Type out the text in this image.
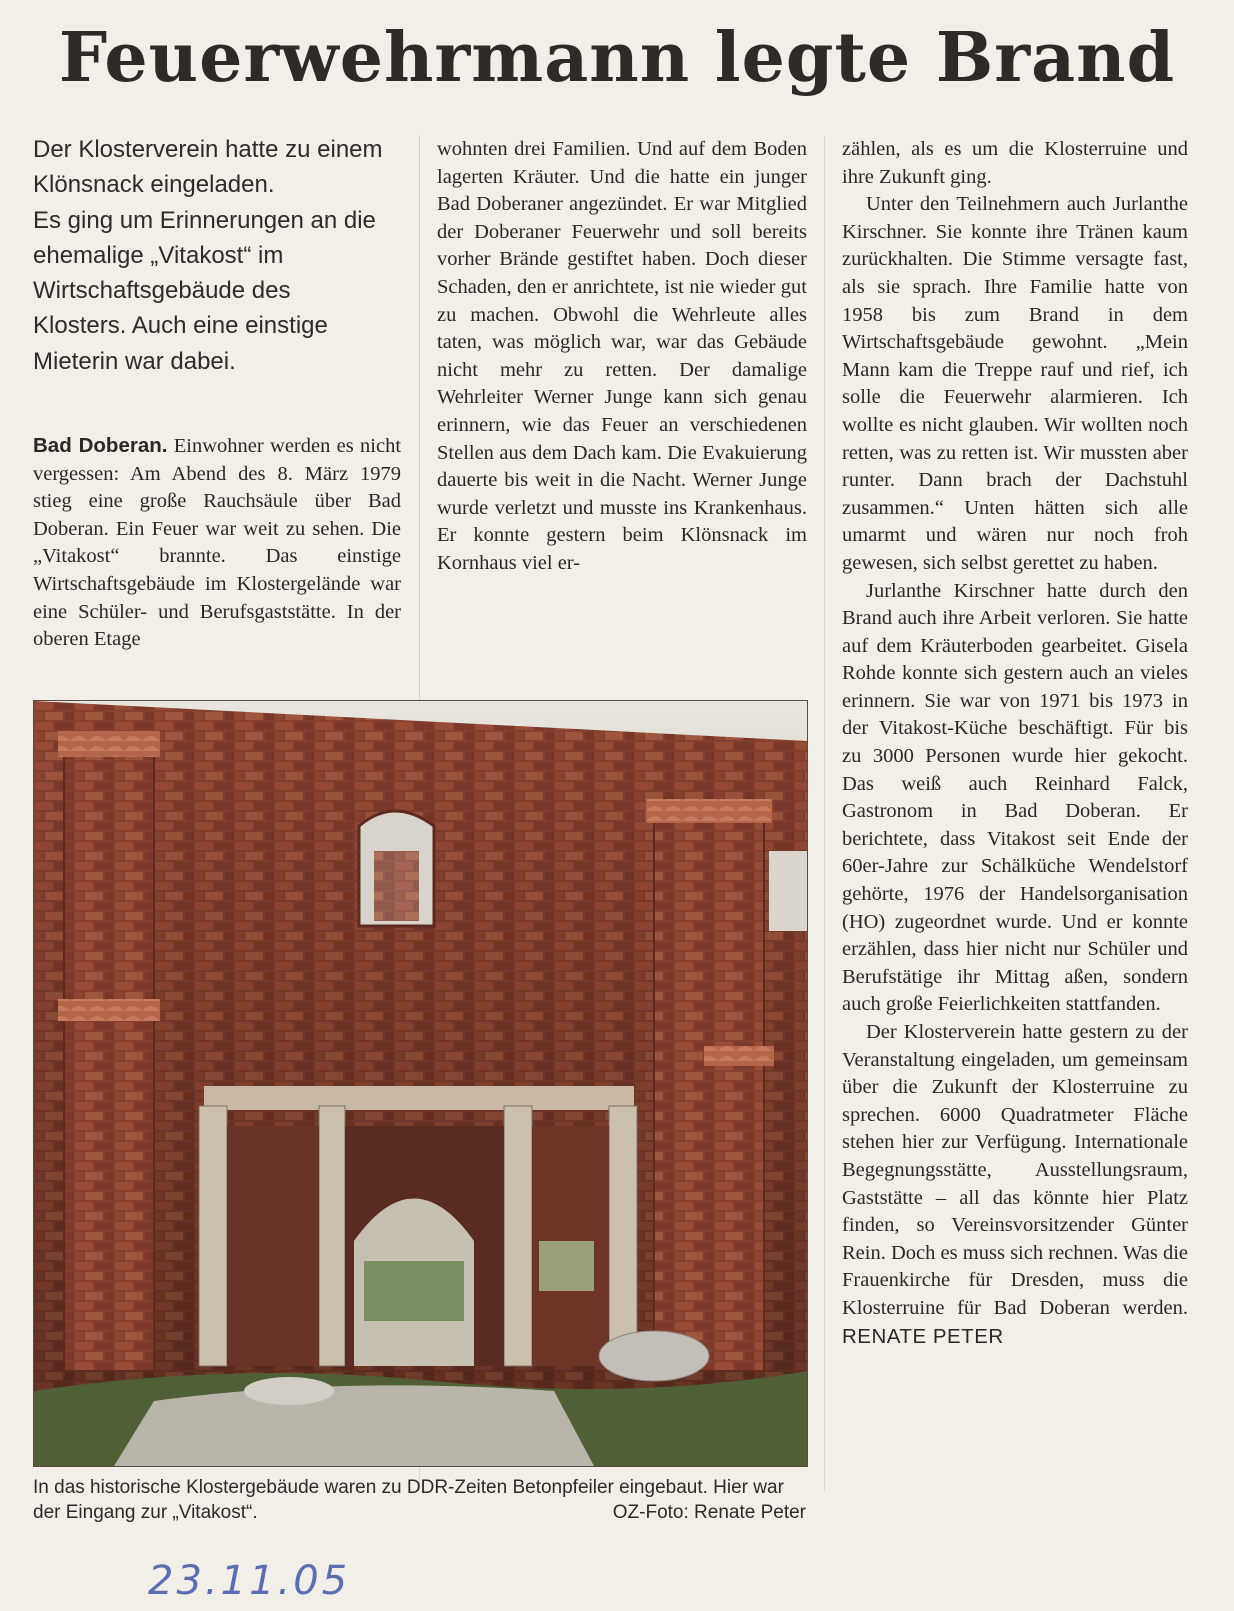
Feuerwehrmann legte Brand

Der Klosterverein hatte zu einem Klönsnack eingeladen.

Es ging um Erinnerungen an die ehemalige „Vitakost“ im Wirtschaftsgebäude des Klosters. Auch eine einstige Mieterin war dabei.

Bad Doberan. Einwohner werden es nicht vergessen: Am Abend des 8. März 1979 stieg eine große Rauchsäule über Bad Doberan. Ein Feuer war weit zu sehen. Die „Vitakost“ brannte. Das einstige Wirtschaftsgebäude im Klostergelände war eine Schüler- und Berufsgaststätte. In der oberen Etage

wohnten drei Familien. Und auf dem Boden lagerten Kräuter. Und die hatte ein junger Bad Doberaner angezündet. Er war Mitglied der Doberaner Feuerwehr und soll bereits vorher Brände gestiftet haben. Doch dieser Schaden, den er anrichtete, ist nie wieder gut zu machen. Obwohl die Wehrleute alles taten, was möglich war, war das Gebäude nicht mehr zu retten. Der damalige Wehrleiter Werner Junge kann sich genau erinnern, wie das Feuer an verschiedenen Stellen aus dem Dach kam. Die Evakuierung dauerte bis weit in die Nacht. Werner Junge wurde verletzt und musste ins Krankenhaus. Er konnte gestern beim Klönsnack im Kornhaus viel er-

zählen, als es um die Klosterruine und ihre Zukunft ging.

Unter den Teilnehmern auch Jurlanthe Kirschner. Sie konnte ihre Tränen kaum zurückhalten. Die Stimme versagte fast, als sie sprach. Ihre Familie hatte von 1958 bis zum Brand in dem Wirtschaftsgebäude gewohnt. „Mein Mann kam die Treppe rauf und rief, ich solle die Feuerwehr alarmieren. Ich wollte es nicht glauben. Wir wollten noch retten, was zu retten ist. Wir mussten aber runter. Dann brach der Dachstuhl zusammen.“ Unten hätten sich alle umarmt und wären nur noch froh gewesen, sich selbst gerettet zu haben.

Jurlanthe Kirschner hatte durch den Brand auch ihre Arbeit verloren. Sie hatte auf dem Kräuterboden gearbeitet. Gisela Rohde konnte sich gestern auch an vieles erinnern. Sie war von 1971 bis 1973 in der Vitakost-Küche beschäftigt. Für bis zu 3000 Personen wurde hier gekocht. Das weiß auch Reinhard Falck, Gastronom in Bad Doberan. Er berichtete, dass Vitakost seit Ende der 60er-Jahre zur Schälküche Wendelstorf gehörte, 1976 der Handelsorganisation (HO) zugeordnet wurde. Und er konnte erzählen, dass hier nicht nur Schüler und Berufstätige ihr Mittag aßen, sondern auch große Feierlichkeiten stattfanden.

Der Klosterverein hatte gestern zu der Veranstaltung eingeladen, um gemeinsam über die Zukunft der Klosterruine zu sprechen. 6000 Quadratmeter Fläche stehen hier zur Verfügung. Internationale Begegnungsstätte, Ausstellungsraum, Gaststätte – all das könnte hier Platz finden, so Vereinsvorsitzender Günter Rein. Doch es muss sich rechnen. Was die Frauenkirche für Dresden, muss die Klosterruine für Bad Doberan werden. RENATE PETER

In das historische Klostergebäude waren zu DDR-Zeiten Betonpfeiler eingebaut. Hier war der Eingang zur „Vitakost“.	OZ-Foto: Renate Peter
23.11.05
